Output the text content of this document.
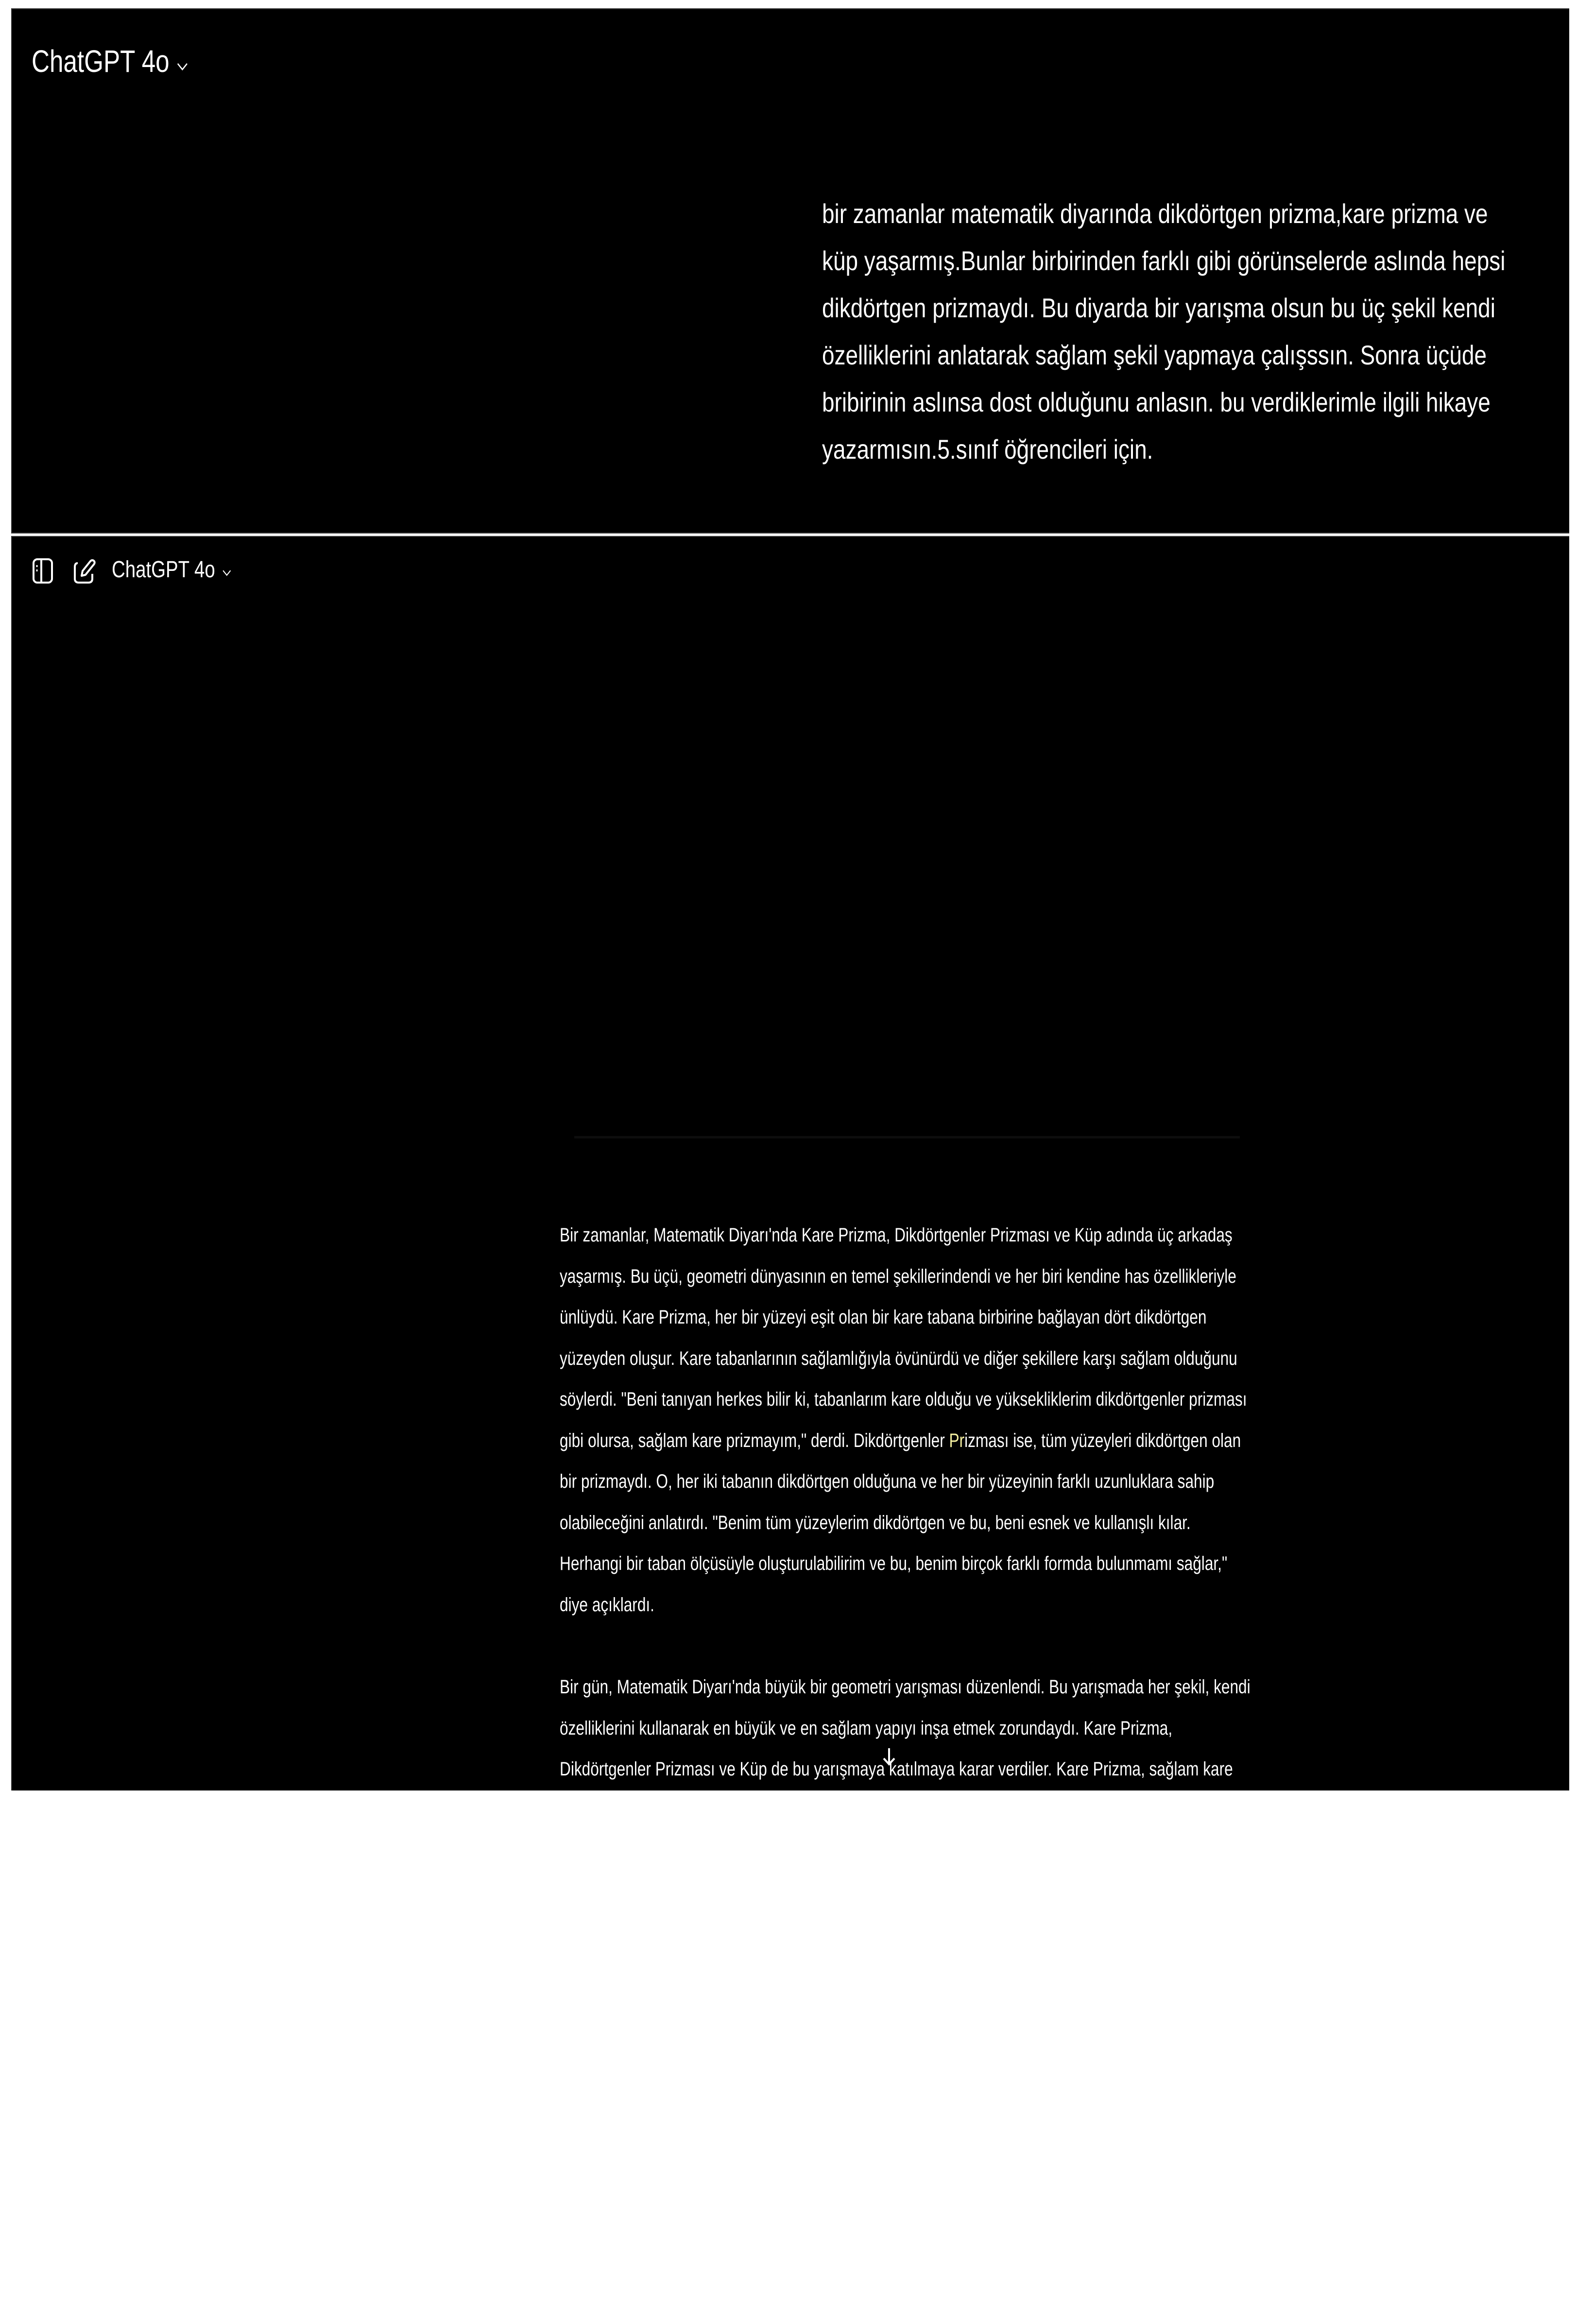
ChatGPT 4o
bir zamanlar matematik diyarında dikdörtgen prizma,kare prizma ve
küp yaşarmış.Bunlar birbirinden farklı gibi görünselerde aslında hepsi
dikdörtgen prizmaydı. Bu diyarda bir yarışma olsun bu üç şekil kendi
özelliklerini anlatarak sağlam şekil yapmaya çalışssın. Sonra üçüde
bribirinin aslınsa dost olduğunu anlasın. bu verdiklerimle ilgili hikaye
yazarmısın.5.sınıf öğrencileri için.
ChatGPT 4o
Bir zamanlar, Matematik Diyarı'nda Kare Prizma, Dikdörtgenler Prizması ve Küp adında üç arkadaş
yaşarmış. Bu üçü, geometri dünyasının en temel şekillerindendi ve her biri kendine has özellikleriyle
ünlüydü. Kare Prizma, her bir yüzeyi eşit olan bir kare tabana birbirine bağlayan dört dikdörtgen
yüzeyden oluşur. Kare tabanlarının sağlamlığıyla övünürdü ve diğer şekillere karşı sağlam olduğunu
söylerdi. "Beni tanıyan herkes bilir ki, tabanlarım kare olduğu ve yüksekliklerim dikdörtgenler prizması
gibi olursa, sağlam kare prizmayım," derdi. Dikdörtgenler Prizması ise, tüm yüzeyleri dikdörtgen olan
bir prizmaydı. O, her iki tabanın dikdörtgen olduğuna ve her bir yüzeyinin farklı uzunluklara sahip
olabileceğini anlatırdı. "Benim tüm yüzeylerim dikdörtgen ve bu, beni esnek ve kullanışlı kılar.
Herhangi bir taban ölçüsüyle oluşturulabilirim ve bu, benim birçok farklı formda bulunmamı sağlar,"
diye açıklardı.
Bir gün, Matematik Diyarı'nda büyük bir geometri yarışması düzenlendi. Bu yarışmada her şekil, kendi
özelliklerini kullanarak en büyük ve en sağlam yapıyı inşa etmek zorundaydı. Kare Prizma,
Dikdörtgenler Prizması ve Küp de bu yarışmaya katılmaya karar verdiler. Kare Prizma, sağlam kare
tabanlarıyla bir kule inşa etti. Tabanlarının sağlamlığı sayesinde oldukça dengeli bir yapı oluşturdu ve
bu onun sağlam durmasını sağladı. Dikdörtgenler Prizması, dikdörtgen yüzeylerini kullanarak geniş
bir bina inşa etti. Farklı uzunluktaki kenarları sayesinde bina nispeten daha geniş ve esnek oldu. Küp
ise, tüm kenarlarının eşitliğinden faydalanarak mükemmel bir küp yapısı inşa etti. Bu yapı, tam bir
simetri içinde olduğu için estetik açıdan çok hoş görünüyor ve herkesin ilgisini çekti.
Yarışmanın sonunda, her şekil kendi özelliklerini en iyi şekilde kullanarak başarılı yapılar inşa etmişti.
Her biri, kendi benzersiz ve değerli yönelimine katkıda bulunmuştu. Matematik Diyarı'nda yaşayan
herkes, Kare Prizma, Dikdörtgenler Prizması ve Küp'ün aslında birbirini tamamlayan harika şekiller
olduğunu gördü. Böylece, Kare Prizma, Dikdörtgenler Prizması ve Küp, Matematik Diyarı'nda
dostluklarını pekiştirerek yaşamaya devam ettiler ve tüm geometri problemlerinde birlikte çalışarak
büyük başarılara imza attılar.
